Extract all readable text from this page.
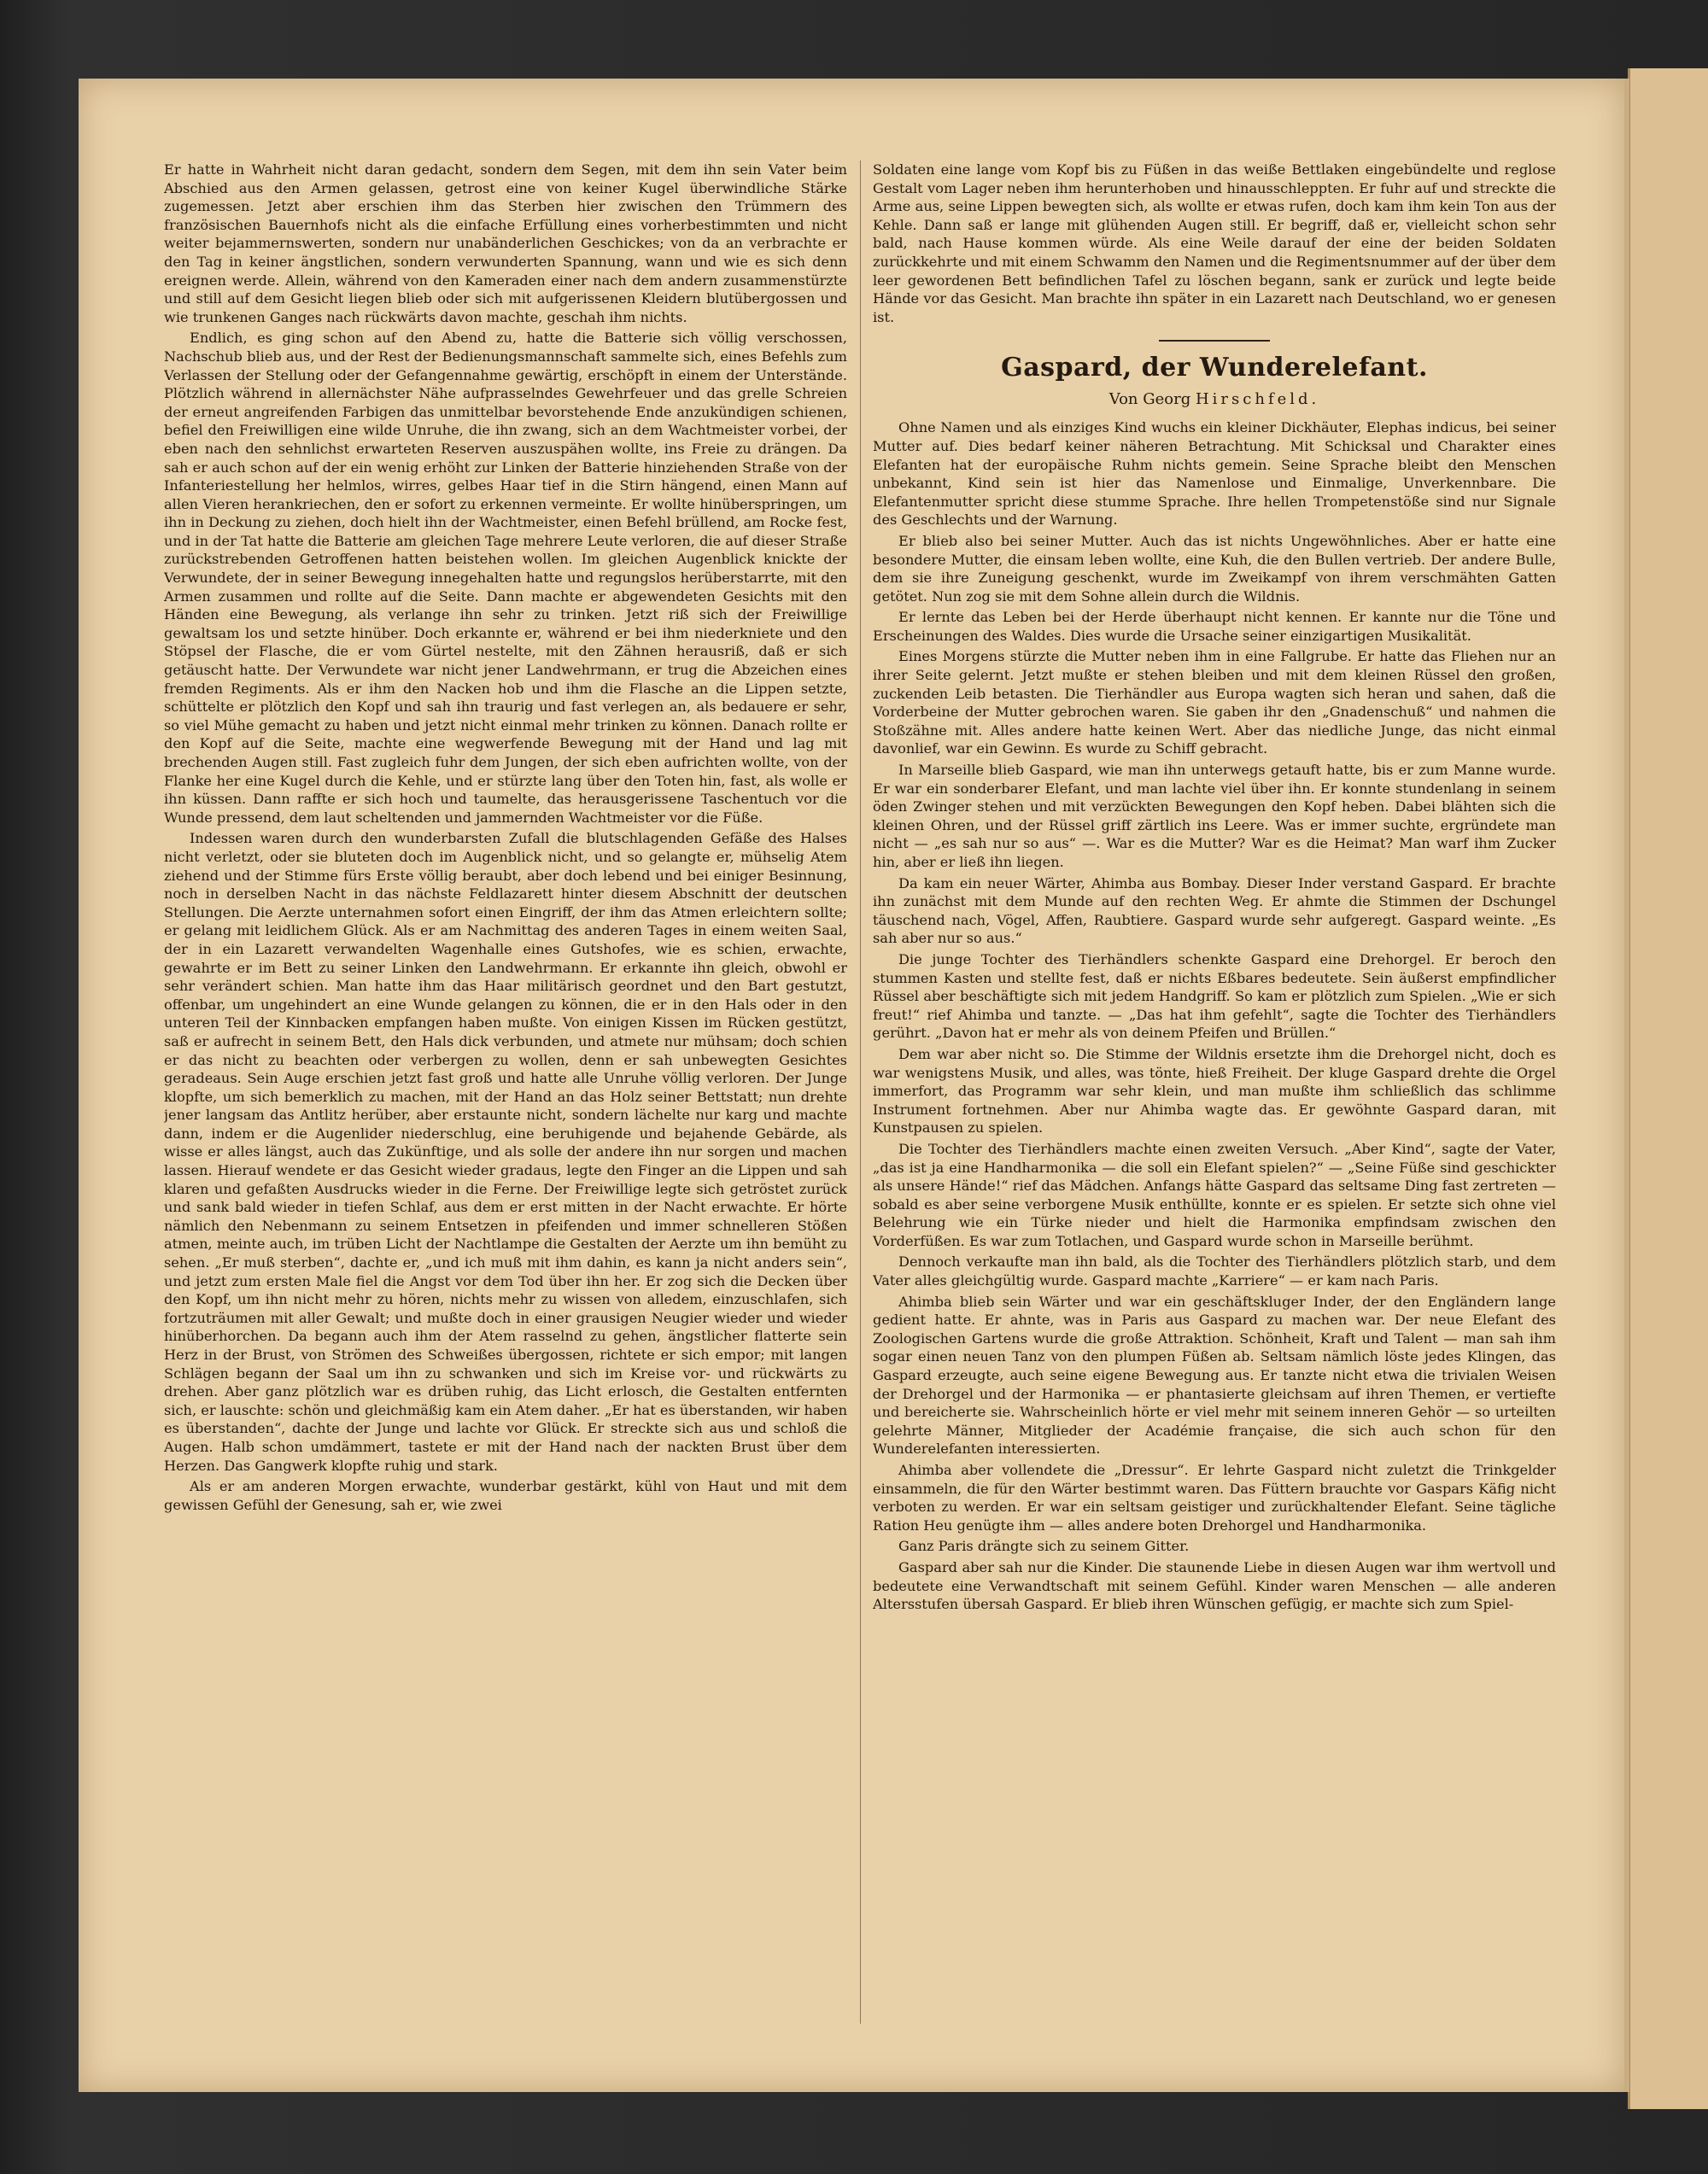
Er hatte in Wahrheit nicht daran gedacht, sondern dem Segen, mit dem ihn sein Vater beim Abschied aus den Armen gelassen, getrost eine von keiner Kugel überwindliche Stärke zugemessen. Jetzt aber erschien ihm das Sterben hier zwischen den Trümmern des französischen Bauernhofs nicht als die einfache Erfüllung eines vorherbestimmten und nicht weiter bejammernswerten, sondern nur unabänderlichen Geschickes; von da an verbrachte er den Tag in keiner ängstlichen, sondern verwunderten Spannung, wann und wie es sich denn ereignen werde. Allein, während von den Kameraden einer nach dem andern zusammenstürzte und still auf dem Gesicht liegen blieb oder sich mit aufgerissenen Kleidern blutübergossen und wie trunkenen Ganges nach rückwärts davon machte, geschah ihm nichts.

Endlich, es ging schon auf den Abend zu, hatte die Batterie sich völlig verschossen, Nachschub blieb aus, und der Rest der Bedienungsmannschaft sammelte sich, eines Befehls zum Verlassen der Stellung oder der Gefangennahme gewärtig, erschöpft in einem der Unterstände. Plötzlich während in allernächster Nähe aufprasselndes Gewehrfeuer und das grelle Schreien der erneut angreifenden Farbigen das unmittelbar bevorstehende Ende anzukündigen schienen, befiel den Freiwilligen eine wilde Unruhe, die ihn zwang, sich an dem Wachtmeister vorbei, der eben nach den sehnlichst erwarteten Reserven auszuspähen wollte, ins Freie zu drängen. Da sah er auch schon auf der ein wenig erhöht zur Linken der Batterie hinziehenden Straße von der Infanteriestellung her helmlos, wirres, gelbes Haar tief in die Stirn hängend, einen Mann auf allen Vieren herankriechen, den er sofort zu erkennen vermeinte. Er wollte hinüberspringen, um ihn in Deckung zu ziehen, doch hielt ihn der Wachtmeister, einen Befehl brüllend, am Rocke fest, und in der Tat hatte die Batterie am gleichen Tage mehrere Leute verloren, die auf dieser Straße zurückstrebenden Getroffenen hatten beistehen wollen. Im gleichen Augenblick knickte der Verwundete, der in seiner Bewegung innegehalten hatte und regungslos herüberstarrte, mit den Armen zusammen und rollte auf die Seite. Dann machte er abgewendeten Gesichts mit den Händen eine Bewegung, als verlange ihn sehr zu trinken. Jetzt riß sich der Freiwillige gewaltsam los und setzte hinüber. Doch erkannte er, während er bei ihm niederkniete und den Stöpsel der Flasche, die er vom Gürtel nestelte, mit den Zähnen herausriß, daß er sich getäuscht hatte. Der Verwundete war nicht jener Landwehrmann, er trug die Abzeichen eines fremden Regiments. Als er ihm den Nacken hob und ihm die Flasche an die Lippen setzte, schüttelte er plötzlich den Kopf und sah ihn traurig und fast verlegen an, als bedauere er sehr, so viel Mühe gemacht zu haben und jetzt nicht einmal mehr trinken zu können. Danach rollte er den Kopf auf die Seite, machte eine wegwerfende Bewegung mit der Hand und lag mit brechenden Augen still. Fast zugleich fuhr dem Jungen, der sich eben aufrichten wollte, von der Flanke her eine Kugel durch die Kehle, und er stürzte lang über den Toten hin, fast, als wolle er ihn küssen. Dann raffte er sich hoch und taumelte, das herausgerissene Taschentuch vor die Wunde pressend, dem laut scheltenden und jammernden Wachtmeister vor die Füße.

Indessen waren durch den wunderbarsten Zufall die blutschlagenden Gefäße des Halses nicht verletzt, oder sie bluteten doch im Augenblick nicht, und so gelangte er, mühselig Atem ziehend und der Stimme fürs Erste völlig beraubt, aber doch lebend und bei einiger Besinnung, noch in derselben Nacht in das nächste Feldlazarett hinter diesem Abschnitt der deutschen Stellungen. Die Aerzte unternahmen sofort einen Eingriff, der ihm das Atmen erleichtern sollte; er gelang mit leidlichem Glück. Als er am Nachmittag des anderen Tages in einem weiten Saal, der in ein Lazarett verwandelten Wagenhalle eines Gutshofes, wie es schien, erwachte, gewahrte er im Bett zu seiner Linken den Landwehrmann. Er erkannte ihn gleich, obwohl er sehr verändert schien. Man hatte ihm das Haar militärisch geordnet und den Bart gestutzt, offenbar, um ungehindert an eine Wunde gelangen zu können, die er in den Hals oder in den unteren Teil der Kinnbacken empfangen haben mußte. Von einigen Kissen im Rücken gestützt, saß er aufrecht in seinem Bett, den Hals dick verbunden, und atmete nur mühsam; doch schien er das nicht zu beachten oder verbergen zu wollen, denn er sah unbewegten Gesichtes geradeaus. Sein Auge erschien jetzt fast groß und hatte alle Unruhe völlig verloren. Der Junge klopfte, um sich bemerklich zu machen, mit der Hand an das Holz seiner Bettstatt; nun drehte jener langsam das Antlitz herüber, aber erstaunte nicht, sondern lächelte nur karg und machte dann, indem er die Augenlider niederschlug, eine beruhigende und bejahende Gebärde, als wisse er alles längst, auch das Zukünftige, und als solle der andere ihn nur sorgen und machen lassen. Hierauf wendete er das Gesicht wieder gradaus, legte den Finger an die Lippen und sah klaren und gefaßten Ausdrucks wieder in die Ferne. Der Freiwillige legte sich getröstet zurück und sank bald wieder in tiefen Schlaf, aus dem er erst mitten in der Nacht erwachte. Er hörte nämlich den Nebenmann zu seinem Entsetzen in pfeifenden und immer schnelleren Stößen atmen, meinte auch, im trüben Licht der Nachtlampe die Gestalten der Aerzte um ihn bemüht zu sehen. „Er muß sterben“, dachte er, „und ich muß mit ihm dahin, es kann ja nicht anders sein“, und jetzt zum ersten Male fiel die Angst vor dem Tod über ihn her. Er zog sich die Decken über den Kopf, um ihn nicht mehr zu hören, nichts mehr zu wissen von alledem, einzuschlafen, sich fortzuträumen mit aller Gewalt; und mußte doch in einer grausigen Neugier wieder und wieder hinüberhorchen. Da begann auch ihm der Atem rasselnd zu gehen, ängstlicher flatterte sein Herz in der Brust, von Strömen des Schweißes übergossen, richtete er sich empor; mit langen Schlägen begann der Saal um ihn zu schwanken und sich im Kreise vor- und rückwärts zu drehen. Aber ganz plötzlich war es drüben ruhig, das Licht erlosch, die Gestalten entfernten sich, er lauschte: schön und gleichmäßig kam ein Atem daher. „Er hat es überstanden, wir haben es überstanden“, dachte der Junge und lachte vor Glück. Er streckte sich aus und schloß die Augen. Halb schon umdämmert, tastete er mit der Hand nach der nackten Brust über dem Herzen. Das Gangwerk klopfte ruhig und stark.

Als er am anderen Morgen erwachte, wunderbar gestärkt, kühl von Haut und mit dem gewissen Gefühl der Genesung, sah er, wie zwei

Soldaten eine lange vom Kopf bis zu Füßen in das weiße Bettlaken eingebündelte und reglose Gestalt vom Lager neben ihm herunterhoben und hinausschleppten. Er fuhr auf und streckte die Arme aus, seine Lippen bewegten sich, als wollte er etwas rufen, doch kam ihm kein Ton aus der Kehle. Dann saß er lange mit glühenden Augen still. Er begriff, daß er, vielleicht schon sehr bald, nach Hause kommen würde. Als eine Weile darauf der eine der beiden Soldaten zurückkehrte und mit einem Schwamm den Namen und die Regimentsnummer auf der über dem leer gewordenen Bett befindlichen Tafel zu löschen begann, sank er zurück und legte beide Hände vor das Gesicht. Man brachte ihn später in ein Lazarett nach Deutschland, wo er genesen ist.

Gaspard, der Wunderelefant.
Von Georg Hirschfeld.

Ohne Namen und als einziges Kind wuchs ein kleiner Dickhäuter, Elephas indicus, bei seiner Mutter auf. Dies bedarf keiner näheren Betrachtung. Mit Schicksal und Charakter eines Elefanten hat der europäische Ruhm nichts gemein. Seine Sprache bleibt den Menschen unbekannt, Kind sein ist hier das Namenlose und Einmalige, Unverkennbare. Die Elefantenmutter spricht diese stumme Sprache. Ihre hellen Trompetenstöße sind nur Signale des Geschlechts und der Warnung.

Er blieb also bei seiner Mutter. Auch das ist nichts Ungewöhnliches. Aber er hatte eine besondere Mutter, die einsam leben wollte, eine Kuh, die den Bullen vertrieb. Der andere Bulle, dem sie ihre Zuneigung geschenkt, wurde im Zweikampf von ihrem verschmähten Gatten getötet. Nun zog sie mit dem Sohne allein durch die Wildnis.

Er lernte das Leben bei der Herde überhaupt nicht kennen. Er kannte nur die Töne und Erscheinungen des Waldes. Dies wurde die Ursache seiner einzigartigen Musikalität.

Eines Morgens stürzte die Mutter neben ihm in eine Fallgrube. Er hatte das Fliehen nur an ihrer Seite gelernt. Jetzt mußte er stehen bleiben und mit dem kleinen Rüssel den großen, zuckenden Leib betasten. Die Tierhändler aus Europa wagten sich heran und sahen, daß die Vorderbeine der Mutter gebrochen waren. Sie gaben ihr den „Gnadenschuß“ und nahmen die Stoßzähne mit. Alles andere hatte keinen Wert. Aber das niedliche Junge, das nicht einmal davonlief, war ein Gewinn. Es wurde zu Schiff gebracht.

In Marseille blieb Gaspard, wie man ihn unterwegs getauft hatte, bis er zum Manne wurde. Er war ein sonderbarer Elefant, und man lachte viel über ihn. Er konnte stundenlang in seinem öden Zwinger stehen und mit verzückten Bewegungen den Kopf heben. Dabei blähten sich die kleinen Ohren, und der Rüssel griff zärtlich ins Leere. Was er immer suchte, ergründete man nicht — „es sah nur so aus“ —. War es die Mutter? War es die Heimat? Man warf ihm Zucker hin, aber er ließ ihn liegen.

Da kam ein neuer Wärter, Ahimba aus Bombay. Dieser Inder verstand Gaspard. Er brachte ihn zunächst mit dem Munde auf den rechten Weg. Er ahmte die Stimmen der Dschungel täuschend nach, Vögel, Affen, Raubtiere. Gaspard wurde sehr aufgeregt. Gaspard weinte. „Es sah aber nur so aus.“

Die junge Tochter des Tierhändlers schenkte Gaspard eine Drehorgel. Er beroch den stummen Kasten und stellte fest, daß er nichts Eßbares bedeutete. Sein äußerst empfindlicher Rüssel aber beschäftigte sich mit jedem Handgriff. So kam er plötzlich zum Spielen. „Wie er sich freut!“ rief Ahimba und tanzte. — „Das hat ihm gefehlt“, sagte die Tochter des Tierhändlers gerührt. „Davon hat er mehr als von deinem Pfeifen und Brüllen.“

Dem war aber nicht so. Die Stimme der Wildnis ersetzte ihm die Drehorgel nicht, doch es war wenigstens Musik, und alles, was tönte, hieß Freiheit. Der kluge Gaspard drehte die Orgel immerfort, das Programm war sehr klein, und man mußte ihm schließlich das schlimme Instrument fortnehmen. Aber nur Ahimba wagte das. Er gewöhnte Gaspard daran, mit Kunstpausen zu spielen.

Die Tochter des Tierhändlers machte einen zweiten Versuch. „Aber Kind“, sagte der Vater, „das ist ja eine Handharmonika — die soll ein Elefant spielen?“ — „Seine Füße sind geschickter als unsere Hände!“ rief das Mädchen. Anfangs hätte Gaspard das seltsame Ding fast zertreten — sobald es aber seine verborgene Musik enthüllte, konnte er es spielen. Er setzte sich ohne viel Belehrung wie ein Türke nieder und hielt die Harmonika empfindsam zwischen den Vorderfüßen. Es war zum Totlachen, und Gaspard wurde schon in Marseille berühmt.

Dennoch verkaufte man ihn bald, als die Tochter des Tierhändlers plötzlich starb, und dem Vater alles gleichgültig wurde. Gaspard machte „Karriere“ — er kam nach Paris.

Ahimba blieb sein Wärter und war ein geschäftskluger Inder, der den Engländern lange gedient hatte. Er ahnte, was in Paris aus Gaspard zu machen war. Der neue Elefant des Zoologischen Gartens wurde die große Attraktion. Schönheit, Kraft und Talent — man sah ihm sogar einen neuen Tanz von den plumpen Füßen ab. Seltsam nämlich löste jedes Klingen, das Gaspard erzeugte, auch seine eigene Bewegung aus. Er tanzte nicht etwa die trivialen Weisen der Drehorgel und der Harmonika — er phantasierte gleichsam auf ihren Themen, er vertiefte und bereicherte sie. Wahrscheinlich hörte er viel mehr mit seinem inneren Gehör — so urteilten gelehrte Männer, Mitglieder der Académie française, die sich auch schon für den Wunderelefanten interessierten.

Ahimba aber vollendete die „Dressur“. Er lehrte Gaspard nicht zuletzt die Trinkgelder einsammeln, die für den Wärter bestimmt waren. Das Füttern brauchte vor Gaspars Käfig nicht verboten zu werden. Er war ein seltsam geistiger und zurückhaltender Elefant. Seine tägliche Ration Heu genügte ihm — alles andere boten Drehorgel und Handharmonika.

Ganz Paris drängte sich zu seinem Gitter.

Gaspard aber sah nur die Kinder. Die staunende Liebe in diesen Augen war ihm wertvoll und bedeutete eine Verwandtschaft mit seinem Gefühl. Kinder waren Menschen — alle anderen Altersstufen übersah Gaspard. Er blieb ihren Wünschen gefügig, er machte sich zum Spiel-
